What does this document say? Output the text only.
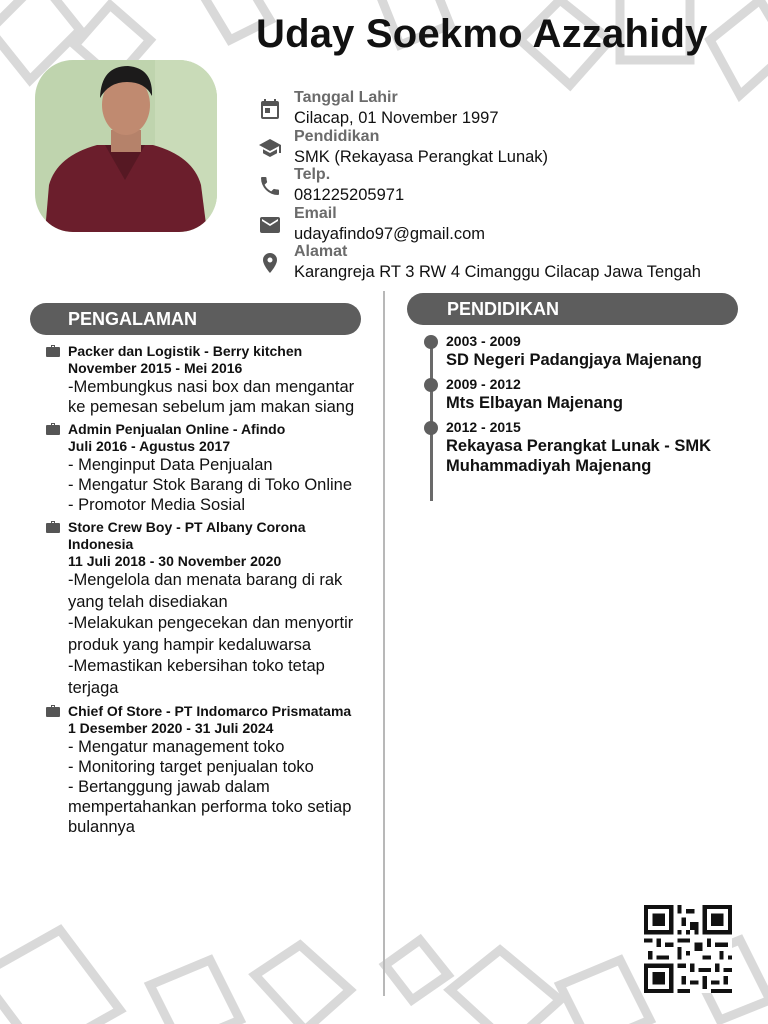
Uday Soekmo Azzahidy
Tanggal Lahir
Cilacap, 01 November 1997
Pendidikan
SMK (Rekayasa Perangkat Lunak)
Telp.
081225205971
Email
udayafindo97@gmail.com
Alamat
Karangreja RT 3 RW 4 Cimanggu Cilacap Jawa Tengah
PENGALAMAN	PENDIDIKAN
Packer dan Logistik - Berry kitchen
November 2015 - Mei 2016
-Membungkus nasi box dan mengantar ke pemesan sebelum jam makan siang
Admin Penjualan Online - Afindo
Juli 2016 - Agustus 2017
- Menginput Data Penjualan
- Mengatur Stok Barang di Toko Online
- Promotor Media Sosial
Store Crew Boy - PT Albany Corona Indonesia
11 Juli 2018 - 30 November 2020
-Mengelola dan menata barang di rak yang telah disediakan
-Melakukan pengecekan dan menyortir produk yang hampir kedaluwarsa
-Memastikan kebersihan toko tetap terjaga
Chief Of Store - PT Indomarco Prismatama
1 Desember 2020 - 31 Juli 2024
- Mengatur management toko
- Monitoring target penjualan toko
- Bertanggung jawab dalam mempertahankan performa toko setiap bulannya
2003 - 2009
SD Negeri Padangjaya Majenang
2009 - 2012
Mts Elbayan Majenang
2012 - 2015
Rekayasa Perangkat Lunak - SMK Muhammadiyah Majenang
